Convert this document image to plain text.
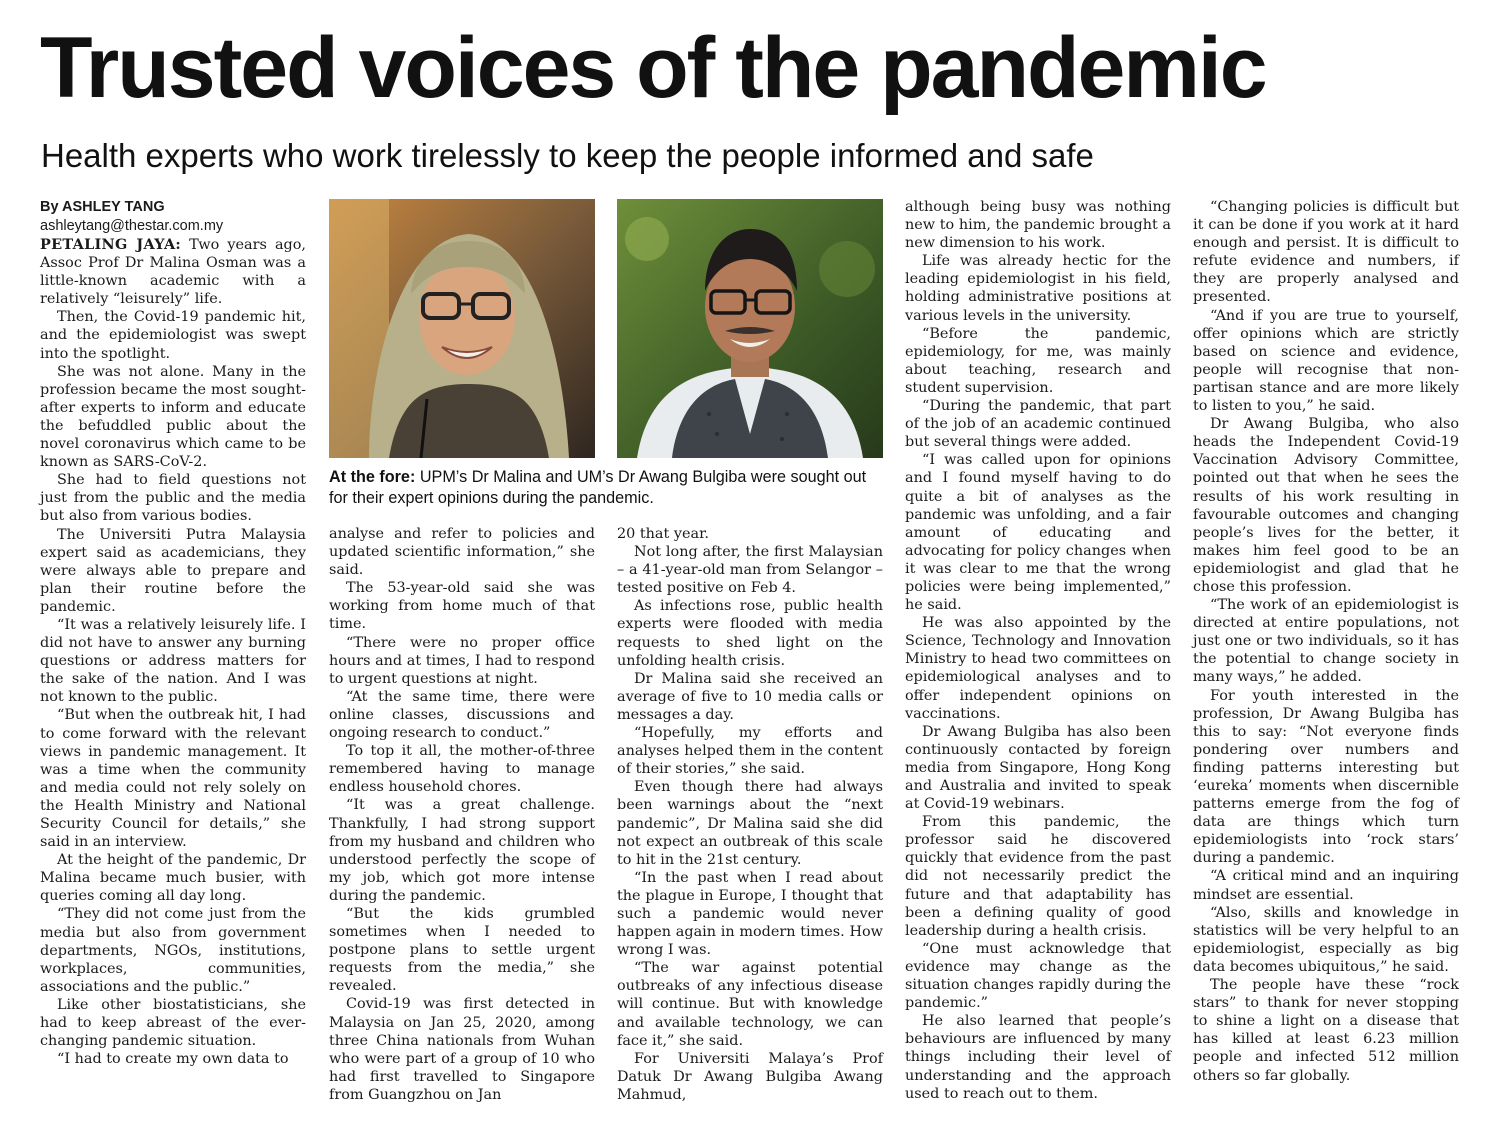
Trusted voices of the pandemic
Health experts who work tirelessly to keep the people informed and safe

By ASHLEY TANG

ashleytang@thestar.com.my

PETALING JAYA: Two years ago, Assoc Prof Dr Malina Osman was a little-known academic with a relatively “leisurely” life.

Then, the Covid-19 pandemic hit, and the epidemiologist was swept into the spotlight.

She was not alone. Many in the profession became the most sought-after experts to inform and educate the befuddled public about the novel coronavirus which came to be known as SARS-CoV-2.

She had to field questions not just from the public and the media but also from various bodies.

The Universiti Putra Malaysia expert said as academicians, they were always able to prepare and plan their routine before the pandemic.

“It was a relatively leisurely life. I did not have to answer any burning questions or address matters for the sake of the nation. And I was not known to the public.

“But when the outbreak hit, I had to come forward with the relevant views in pandemic management. It was a time when the community and media could not rely solely on the Health Ministry and National Security Council for details,” she said in an interview.

At the height of the pandemic, Dr Malina became much busier, with queries coming all day long.

“They did not come just from the media but also from government departments, NGOs, institutions, workplaces, communities, associations and the public.”

Like other biostatisticians, she had to keep abreast of the ever-changing pandemic situation.

“I had to create my own data to

At the fore: UPM’s Dr Malina and UM’s Dr Awang Bulgiba were sought out for their expert opinions during the pandemic.

analyse and refer to policies and updated scientific information,” she said.

The 53-year-old said she was working from home much of that time.

“There were no proper office hours and at times, I had to respond to urgent questions at night.

“At the same time, there were online classes, discussions and ongoing research to conduct.”

To top it all, the mother-of-three remembered having to manage endless household chores.

“It was a great challenge. Thankfully, I had strong support from my husband and children who understood perfectly the scope of my job, which got more intense during the pandemic.

“But the kids grumbled sometimes when I needed to postpone plans to settle urgent requests from the media,” she revealed.

Covid-19 was first detected in Malaysia on Jan 25, 2020, among three China nationals from Wuhan who were part of a group of 10 who had first travelled to Singapore from Guangzhou on Jan

20 that year.

Not long after, the first Malaysian – a 41-year-old man from Selangor – tested positive on Feb 4.

As infections rose, public health experts were flooded with media requests to shed light on the unfolding health crisis.

Dr Malina said she received an average of five to 10 media calls or messages a day.

“Hopefully, my efforts and analyses helped them in the content of their stories,” she said.

Even though there had always been warnings about the “next pandemic”, Dr Malina said she did not expect an outbreak of this scale to hit in the 21st century.

“In the past when I read about the plague in Europe, I thought that such a pandemic would never happen again in modern times. How wrong I was.

“The war against potential outbreaks of any infectious disease will continue. But with knowledge and available technology, we can face it,” she said.

For Universiti Malaya’s Prof Datuk Dr Awang Bulgiba Awang Mahmud,

although being busy was nothing new to him, the pandemic brought a new dimension to his work.

Life was already hectic for the leading epidemiologist in his field, holding administrative positions at various levels in the university.

“Before the pandemic, epidemiology, for me, was mainly about teaching, research and student supervision.

“During the pandemic, that part of the job of an academic continued but several things were added.

“I was called upon for opinions and I found myself having to do quite a bit of analyses as the pandemic was unfolding, and a fair amount of educating and advocating for policy changes when it was clear to me that the wrong policies were being implemented,” he said.

He was also appointed by the Science, Technology and Innovation Ministry to head two committees on epidemiological analyses and to offer independent opinions on vaccinations.

Dr Awang Bulgiba has also been continuously contacted by foreign media from Singapore, Hong Kong and Australia and invited to speak at Covid-19 webinars.

From this pandemic, the professor said he discovered quickly that evidence from the past did not necessarily predict the future and that adaptability has been a defining quality of good leadership during a health crisis.

“One must acknowledge that evidence may change as the situation changes rapidly during the pandemic.”

He also learned that people’s behaviours are influenced by many things including their level of understanding and the approach used to reach out to them.

“Changing policies is difficult but it can be done if you work at it hard enough and persist. It is difficult to refute evidence and numbers, if they are properly analysed and presented.

“And if you are true to yourself, offer opinions which are strictly based on science and evidence, people will recognise that non-partisan stance and are more likely to listen to you,” he said.

Dr Awang Bulgiba, who also heads the Independent Covid-19 Vaccination Advisory Committee, pointed out that when he sees the results of his work resulting in favourable outcomes and changing people’s lives for the better, it makes him feel good to be an epidemiologist and glad that he chose this profession.

“The work of an epidemiologist is directed at entire populations, not just one or two individuals, so it has the potential to change society in many ways,” he added.

For youth interested in the profession, Dr Awang Bulgiba has this to say: “Not everyone finds pondering over numbers and finding patterns interesting but ‘eureka’ moments when discernible patterns emerge from the fog of data are things which turn epidemiologists into ‘rock stars’ during a pandemic.

“A critical mind and an inquiring mindset are essential.

“Also, skills and knowledge in statistics will be very helpful to an epidemiologist, especially as big data becomes ubiquitous,” he said.

The people have these “rock stars” to thank for never stopping to shine a light on a disease that has killed at least 6.23 million people and infected 512 million others so far globally.
